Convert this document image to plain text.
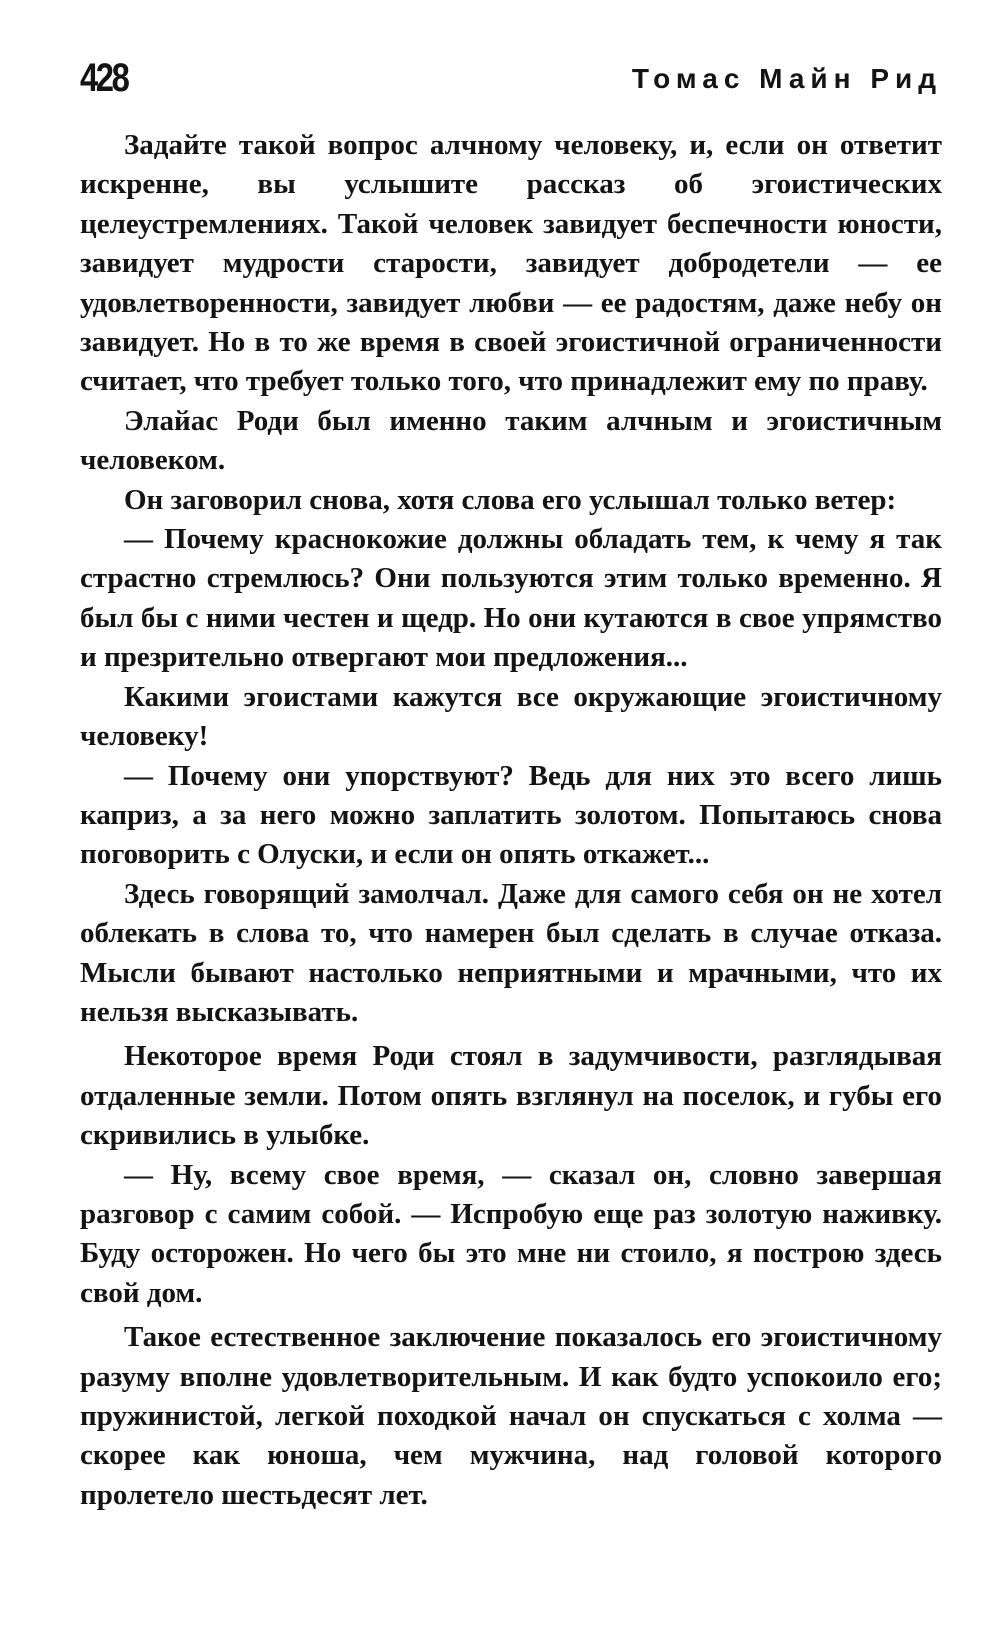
428	Томас Майн Рид

Задайте такой вопрос алчному человеку, и, если он ответит искренне, вы услышите рассказ об эгоистических целеустремлениях. Такой человек завидует беспечности юности, завидует мудрости старости, завидует добродетели — ее удовлетворенности, завидует любви — ее радостям, даже небу он завидует. Но в то же время в своей эгоистичной ограниченности считает, что требует только того, что принадлежит ему по праву.

Элайас Роди был именно таким алчным и эгоистичным человеком.

Он заговорил снова, хотя слова его услышал только ветер:

— Почему краснокожие должны обладать тем, к чему я так страстно стремлюсь? Они пользуются этим только временно. Я был бы с ними честен и щедр. Но они кутаются в свое упрямство и презрительно отвергают мои предложения...

Какими эгоистами кажутся все окружающие эгоистичному человеку!

— Почему они упорствуют? Ведь для них это всего лишь каприз, а за него можно заплатить золотом. Попытаюсь снова поговорить с Олуски, и если он опять откажет...

Здесь говорящий замолчал. Даже для самого себя он не хотел облекать в слова то, что намерен был сделать в случае отказа. Мысли бывают настолько неприятными и мрачными, что их нельзя высказывать.

Некоторое время Роди стоял в задумчивости, разглядывая отдаленные земли. Потом опять взглянул на поселок, и губы его скривились в улыбке.

— Ну, всему свое время, — сказал он, словно завершая разговор с самим собой. — Испробую еще раз золотую наживку. Буду осторожен. Но чего бы это мне ни стоило, я построю здесь свой дом.

Такое естественное заключение показалось его эгоистичному разуму вполне удовлетворительным. И как будто успокоило его; пружинистой, легкой походкой начал он спускаться с холма — скорее как юноша, чем мужчина, над головой которого пролетело шестьдесят лет.
